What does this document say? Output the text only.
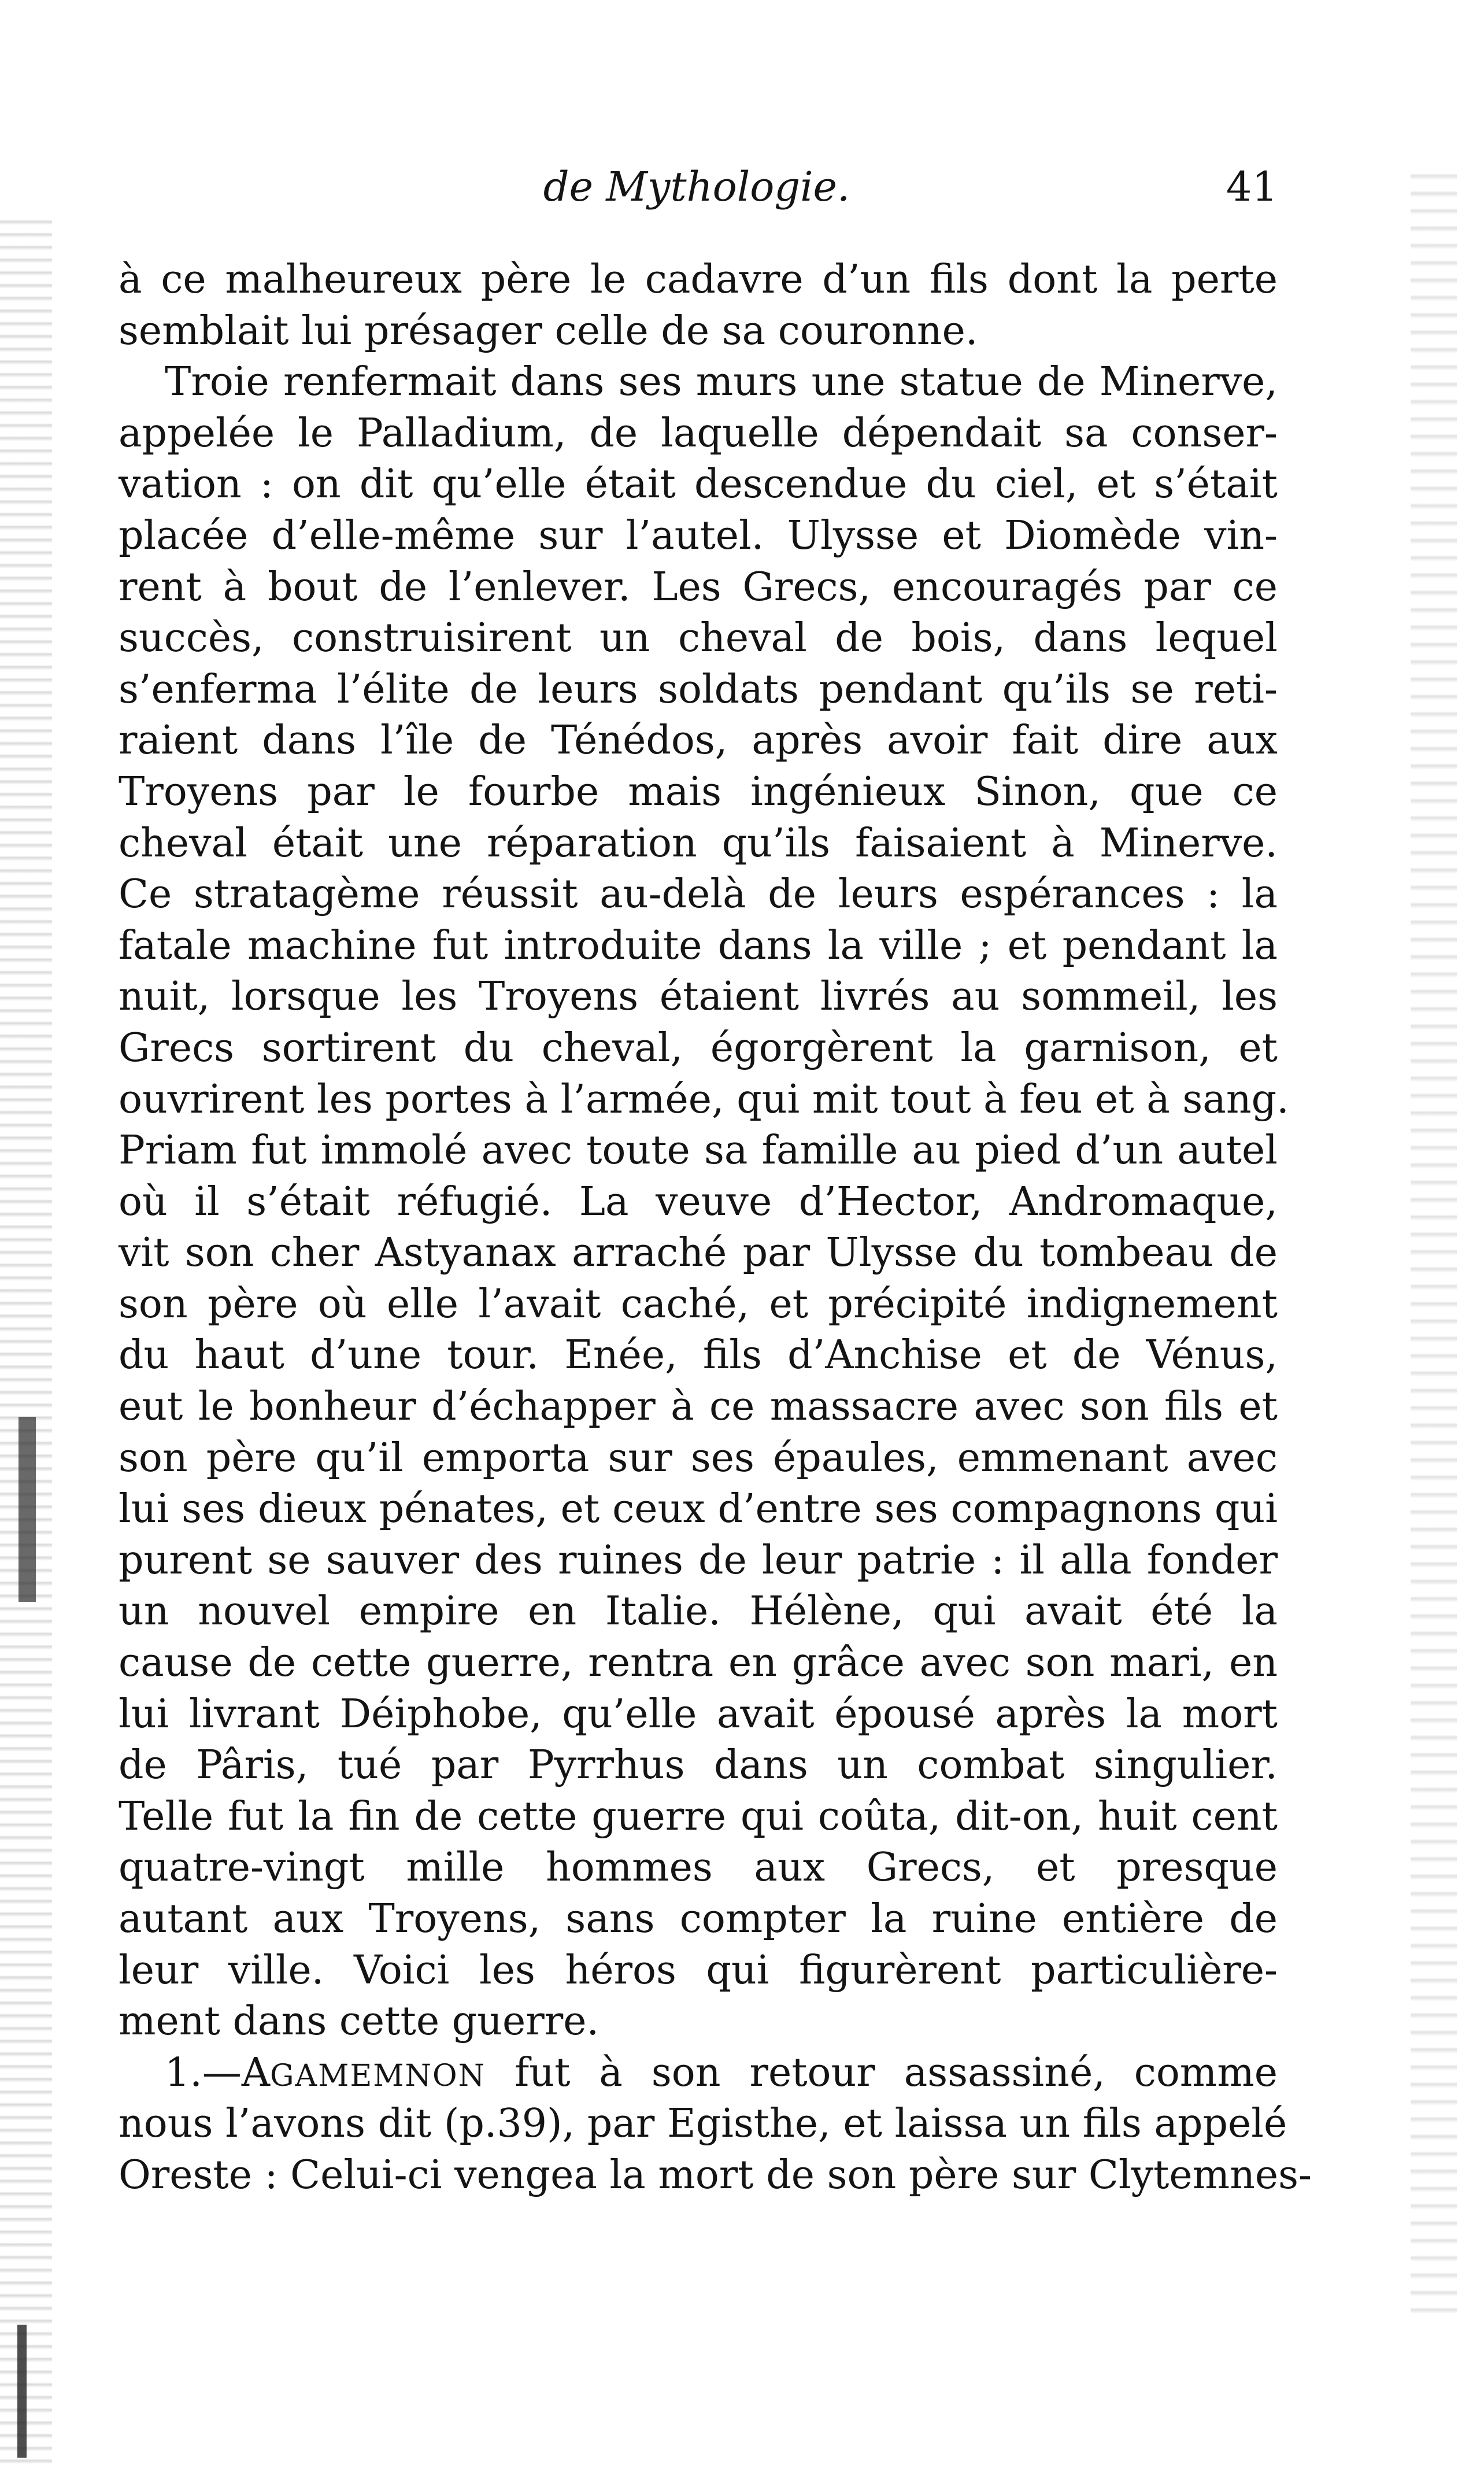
de Mythologie.	41
à ce malheureux père le cadavre d’un fils dont la perte
semblait lui présager celle de sa couronne.
Troie renfermait dans ses murs une statue de Minerve,
appelée le Palladium, de laquelle dépendait sa conser-
vation : on dit qu’elle était descendue du ciel, et s’était
placée d’elle-même sur l’autel. Ulysse et Diomède vin-
rent à bout de l’enlever. Les Grecs, encouragés par ce
succès, construisirent un cheval de bois, dans lequel
s’enferma l’élite de leurs soldats pendant qu’ils se reti-
raient dans l’île de Ténédos, après avoir fait dire aux
Troyens par le fourbe mais ingénieux Sinon, que ce
cheval était une réparation qu’ils faisaient à Minerve.
Ce stratagème réussit au-delà de leurs espérances : la
fatale machine fut introduite dans la ville ; et pendant la
nuit, lorsque les Troyens étaient livrés au sommeil, les
Grecs sortirent du cheval, égorgèrent la garnison, et
ouvrirent les portes à l’armée, qui mit tout à feu et à sang.
Priam fut immolé avec toute sa famille au pied d’un autel
où il s’était réfugié. La veuve d’Hector, Andromaque,
vit son cher Astyanax arraché par Ulysse du tombeau de
son père où elle l’avait caché, et précipité indignement
du haut d’une tour. Enée, fils d’Anchise et de Vénus,
eut le bonheur d’échapper à ce massacre avec son fils et
son père qu’il emporta sur ses épaules, emmenant avec
lui ses dieux pénates, et ceux d’entre ses compagnons qui
purent se sauver des ruines de leur patrie : il alla fonder
un nouvel empire en Italie. Hélène, qui avait été la
cause de cette guerre, rentra en grâce avec son mari, en
lui livrant Déiphobe, qu’elle avait épousé après la mort
de Pâris, tué par Pyrrhus dans un combat singulier.
Telle fut la fin de cette guerre qui coûta, dit-on, huit cent
quatre-vingt mille hommes aux Grecs, et presque
autant aux Troyens, sans compter la ruine entière de
leur ville. Voici les héros qui figurèrent particulière-
ment dans cette guerre.
1.—AGAMEMNON fut à son retour assassiné, comme
nous l’avons dit (p.39), par Egisthe, et laissa un fils appelé
Oreste : Celui-ci vengea la mort de son père sur Clytemnes-
